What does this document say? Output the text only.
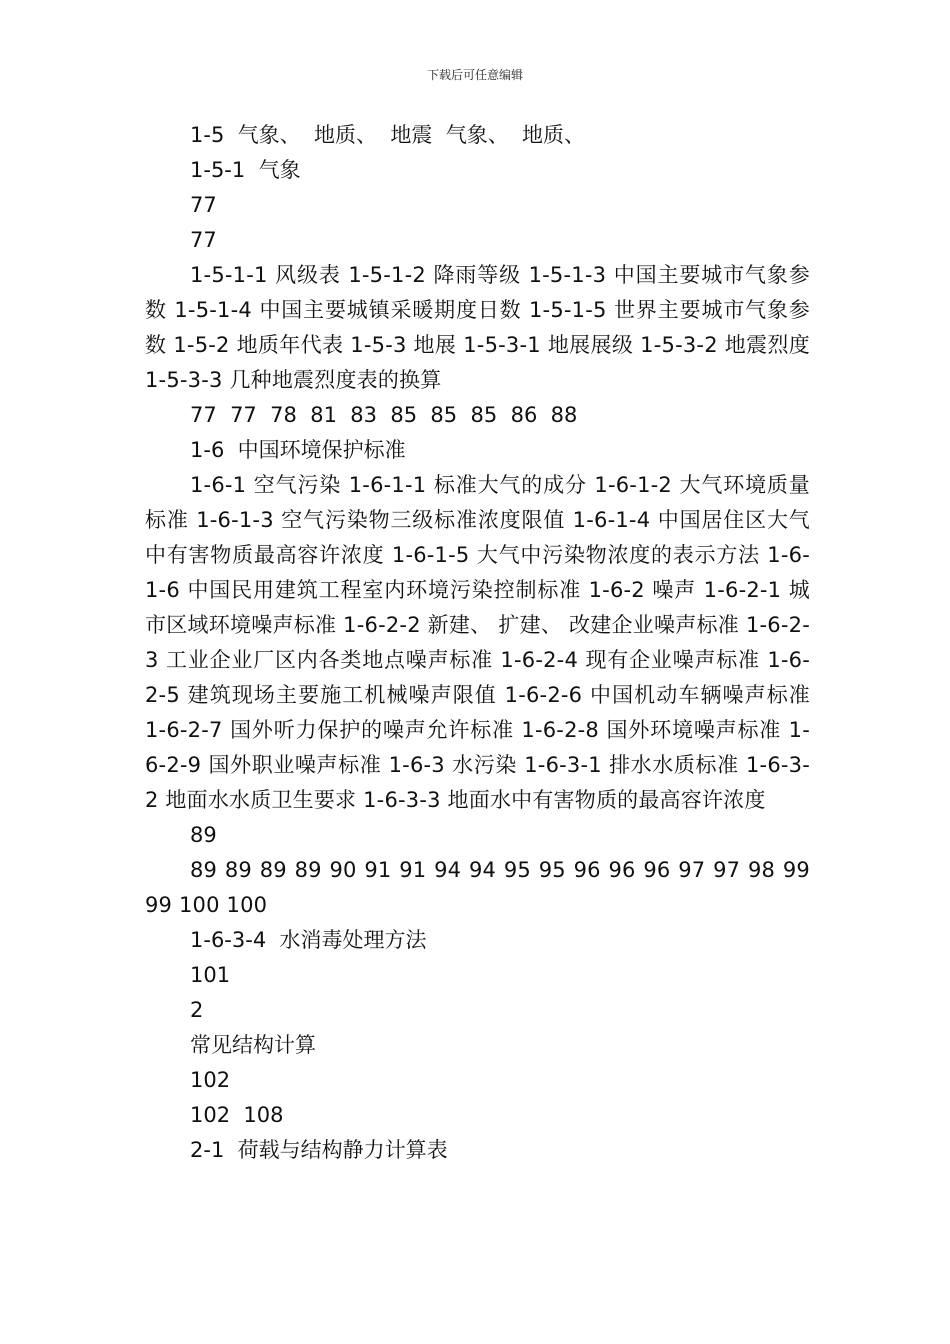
下载后可任意编辑
1-5  气象、  地质、  地震  气象、  地质、
1-5-1  气象
77
77

1-5-1-1 风级表 1-5-1-2 降雨等级 1-5-1-3 中国主要城市气象参数 1-5-1-4 中国主要城镇采暖期度日数 1-5-1-5 世界主要城市气象参数 1-5-2 地质年代表 1-5-3 地展 1-5-3-1 地展展级 1-5-3-2 地震烈度 1-5-3-3 几种地震烈度表的换算

77  77  78  81  83  85  85  85  86  88
1-6  中国环境保护标准

1-6-1 空气污染 1-6-1-1 标准大气的成分 1-6-1-2 大气环境质量标准 1-6-1-3 空气污染物三级标准浓度限值 1-6-1-4 中国居住区大气中有害物质最高容许浓度 1-6-1-5 大气中污染物浓度的表示方法 1-6-1-6 中国民用建筑工程室内环境污染控制标准 1-6-2 噪声 1-6-2-1 城市区域环境噪声标准 1-6-2-2 新建、 扩建、 改建企业噪声标准 1-6-2-3 工业企业厂区内各类地点噪声标准 1-6-2-4 现有企业噪声标准 1-6-2-5 建筑现场主要施工机械噪声限值 1-6-2-6 中国机动车辆噪声标准 1-6-2-7 国外听力保护的噪声允许标准 1-6-2-8 国外环境噪声标准 1-6-2-9 国外职业噪声标准 1-6-3 水污染 1-6-3-1 排水水质标准 1-6-3-2 地面水水质卫生要求 1-6-3-3 地面水中有害物质的最高容许浓度

89

89 89 89 89 90 91 91 94 94 95 95 96 96 96 97 97 98 99 99 100 100

1-6-3-4  水消毒处理方法
101
2
常见结构计算
102
102  108
2-1  荷载与结构静力计算表
